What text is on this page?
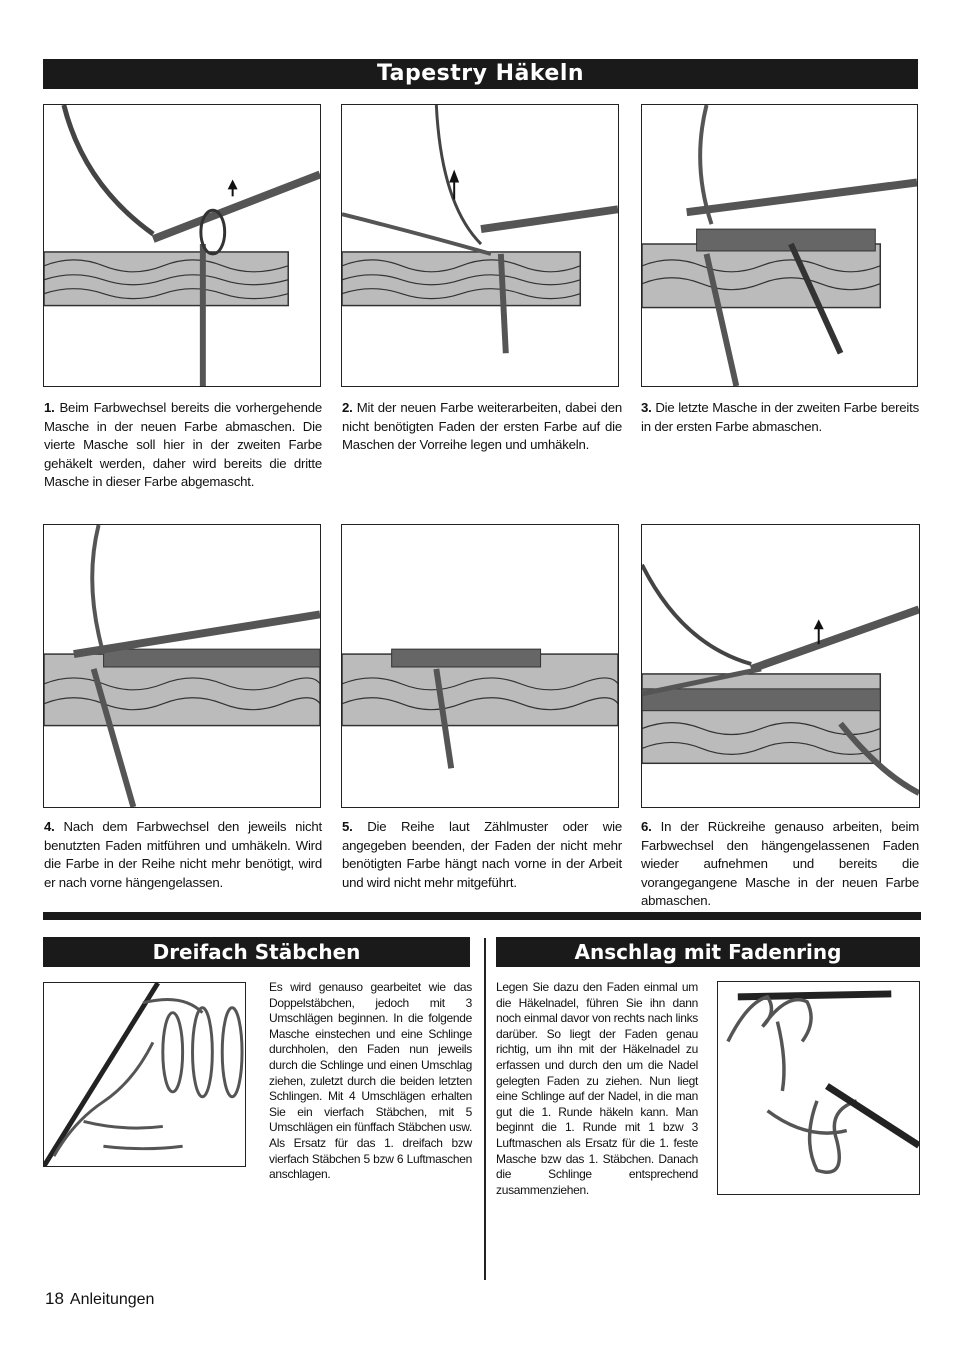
Tapestry Häkeln
1. Beim Farbwechsel bereits die vorhergehende Masche in der neuen Farbe abmaschen. Die vierte Masche soll hier in der zweiten Farbe gehäkelt werden, daher wird bereits die dritte Masche in dieser Farbe abgemascht.
2. Mit der neuen Farbe weiterarbeiten, dabei den nicht benötigten Faden der ersten Farbe auf die Maschen der Vorreihe legen und umhäkeln.
3. Die letzte Masche in der zweiten Farbe bereits in der ersten Farbe abmaschen.
4. Nach dem Farbwechsel den jeweils nicht benutzten Faden mitführen und umhäkeln. Wird die Farbe in der Reihe nicht mehr benötigt, wird er nach vorne hängengelassen.
5. Die Reihe laut Zählmuster oder wie angegeben beenden, der Faden der nicht mehr benötigten Farbe hängt nach vorne in der Arbeit und wird nicht mehr mitgeführt.
6. In der Rückreihe genauso arbeiten, beim Farbwechsel den hängengelassenen Faden wieder aufnehmen und bereits die vorangegangene Masche in der neuen Farbe abmaschen.
Dreifach Stäbchen
Es wird genauso gearbeitet wie das Doppelstäbchen, jedoch mit 3 Umschlägen beginnen. In die folgende Masche einstechen und eine Schlinge durchholen, den Faden nun jeweils durch die Schlinge und einen Umschlag ziehen, zuletzt durch die beiden letzten Schlingen. Mit 4 Umschlägen erhalten Sie ein vierfach Stäbchen, mit 5 Umschlägen ein fünffach Stäbchen usw. Als Ersatz für das 1. dreifach bzw vierfach Stäbchen 5 bzw 6 Luftmaschen anschlagen.
Anschlag mit Fadenring
Legen Sie dazu den Faden einmal um die Häkelnadel, führen Sie ihn dann noch einmal davor von rechts nach links darüber. So liegt der Faden genau richtig, um ihn mit der Häkelnadel zu erfassen und durch den um die Nadel gelegten Faden zu ziehen. Nun liegt eine Schlinge auf der Nadel, in die man gut die 1. Runde häkeln kann. Man beginnt die 1. Runde mit 1 bzw 3 Luftmaschen als Ersatz für die 1. feste Masche bzw das 1. Stäbchen. Danach die Schlinge entsprechend zusammenziehen.
18 Anleitungen
